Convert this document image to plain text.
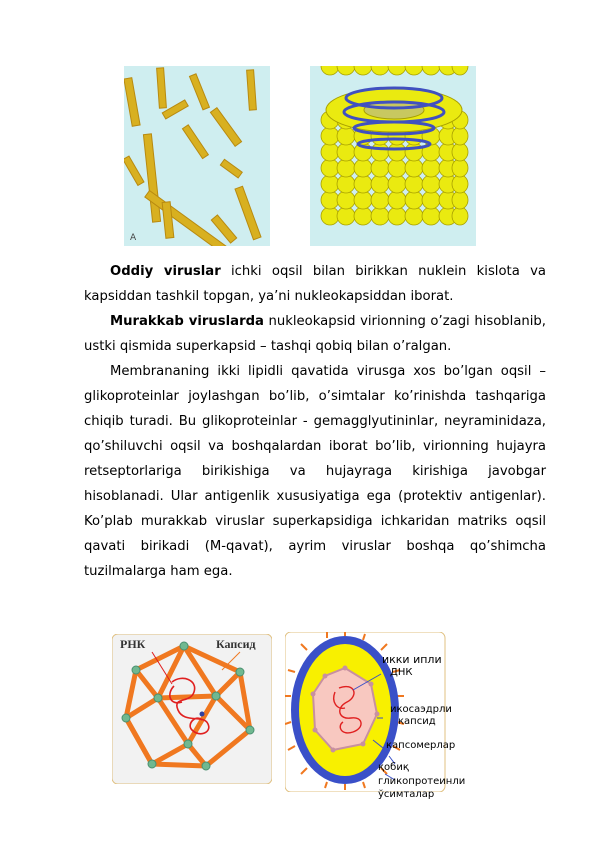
A

Oddiy viruslar ichki oqsil bilan birikkan nuklein kislota va kapsiddan tashkil topgan, ya’ni nukleokapsiddan iborat.

Murakkab viruslarda nukleokapsid virionning o’zagi hisoblanib, ustki qismida superkapsid – tashqi qobiq bilan o’ralgan.

Membrananing ikki lipidli qavatida virusga xos bo’lgan oqsil – glikoproteinlar joylashgan bo’lib, o’simtalar ko’rinishda tashqariga chiqib turadi. Bu glikoproteinlar - gemagglyutininlar, neyraminidaza, qo’shiluvchi oqsil va boshqalardan iborat bo’lib, virionning hujayra retseptorlariga birikishiga va hujayraga kirishiga javobgar hisoblanadi. Ular antigenlik xususiyatiga ega (protektiv antigenlar). Ko’plab murakkab viruslar superkapsidiga ichkaridan matriks oqsil qavati birikadi (M-qavat), ayrim viruslar boshqa qo’shimcha tuzilmalarga ham ega.

РНК	Капсид
икки ипли
ДНК
икосаэдрли
капсид
капсомерлар
қобиқ
гликопротеинли
ўсимталар
